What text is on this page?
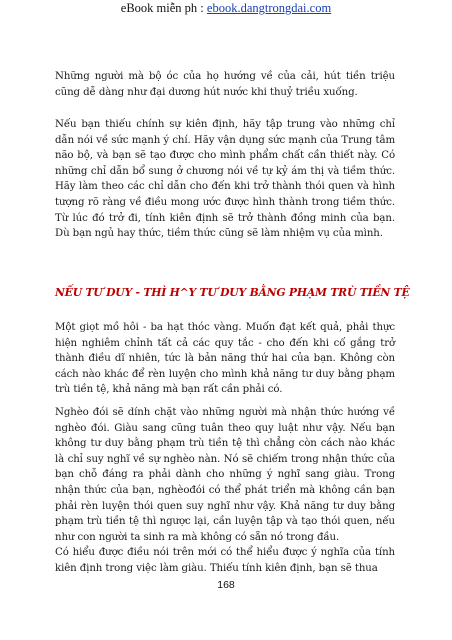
eBook miễn ph : ebook.dangtrongdai.com

Những người mà bộ óc của họ hướng về của cải, hút tiền triệu cũng dễ dàng như đại dương hút nước khi thuỷ triều xuống.

Nếu bạn thiếu chính sự kiên định, hãy tập trung vào những chỉ dẫn nói về sức mạnh ý chí. Hãy vận dụng sức mạnh của Trung tâm não bộ, và bạn sẽ tạo được cho mình phẩm chất cần thiết này. Có những chỉ dẫn bổ sung ở chương nói về tự kỷ ám thị và tiềm thức. Hãy làm theo các chỉ dẫn cho đến khi trở thành thói quen và hình tượng rõ ràng về điều mong ước được hình thành trong tiềm thức. Từ lúc đó trở đi, tính kiên định sẽ trở thành đồng minh của bạn. Dù bạn ngủ hay thức, tiềm thức cũng sẽ làm nhiệm vụ của mình.

NẾU TƯ DUY - THÌ H^Y TƯ DUY BẰNG PHẠM TRÙ TIỀN TỆ

Một giọt mồ hôi - ba hạt thóc vàng. Muốn đạt kết quả, phải thực hiện nghiêm chỉnh tất cả các quy tắc - cho đến khi cố gắng trở thành điều dĩ nhiên, tức là bản năng thứ hai của bạn. Không còn cách nào khác để rèn luyện cho mình khả năng tư duy bằng phạm trù tiền tệ, khả năng mà bạn rất cần phải có.

Nghèo đói sẽ dính chặt vào những người mà nhận thức hướng về nghèo đói. Giàu sang cũng tuân theo quy luật như vậy. Nếu bạn không tư duy bằng phạm trù tiền tệ thì chẳng còn cách nào khác là chỉ suy nghĩ về sự nghèo nàn. Nó sẽ chiếm trong nhận thức của bạn chỗ đáng ra phải dành cho những ý nghĩ sang giàu. Trong nhận thức của bạn, nghèođói có thể phát triển mà không cần bạn phải rèn luyện thói quen suy nghĩ như vậy. Khả năng tư duy bằng phạm trù tiền tệ thì ngược lại, cần luyện tập và tạo thói quen, nếu như con người ta sinh ra mà không có sẵn nó trong đầu.

Có hiểu được điều nói trên mới có thể hiểu được ý nghĩa của tính kiên định trong việc làm giàu. Thiếu tính kiên định, bạn sẽ thua

168
